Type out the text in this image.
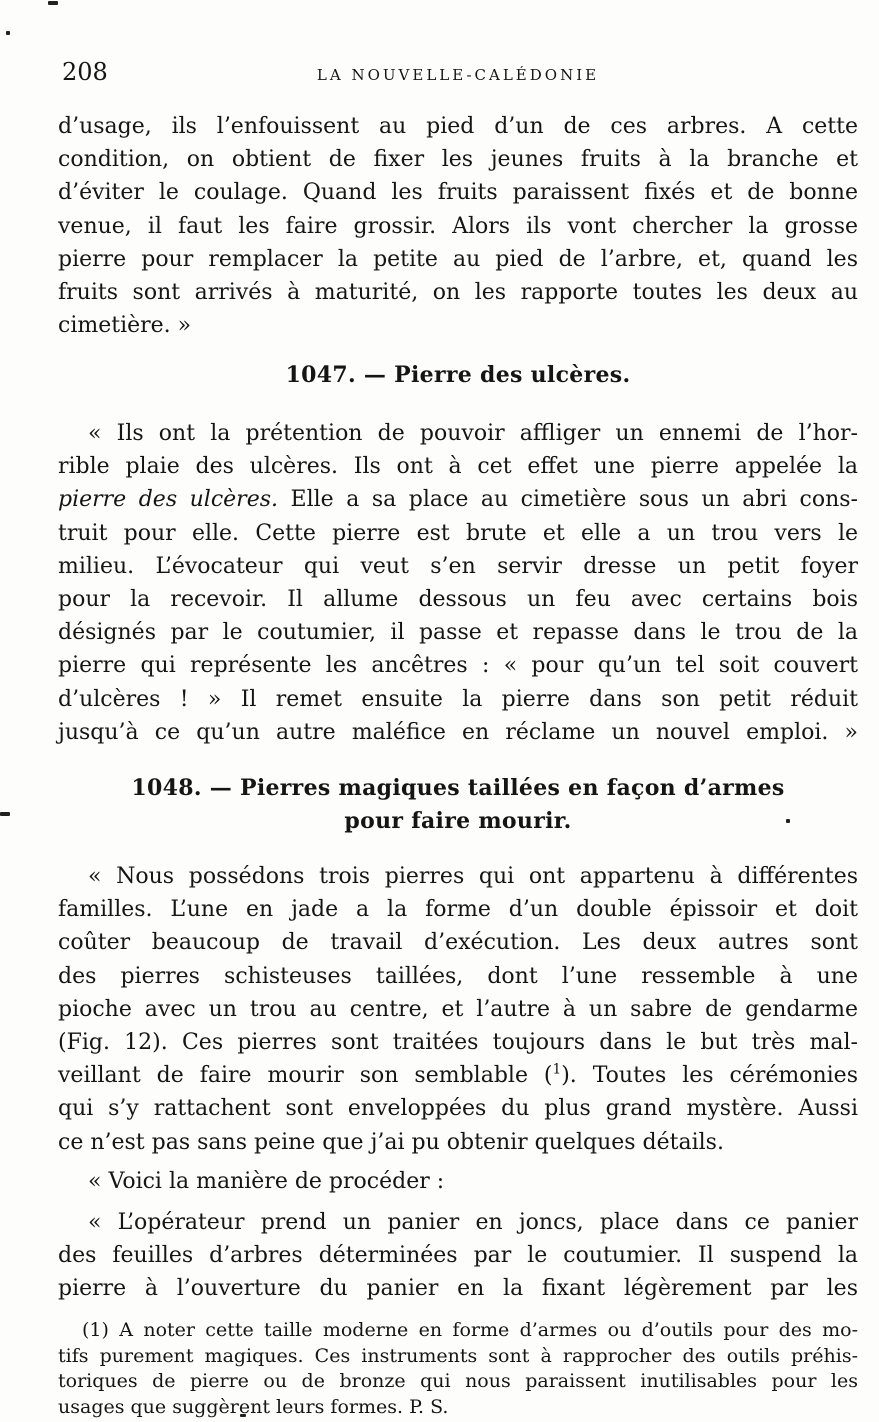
208	LA NOUVELLE-CALÉDONIE
d’usage, ils l’enfouissent au pied d’un de ces arbres. A cette
condition, on obtient de fixer les jeunes fruits à la branche et
d’éviter le coulage. Quand les fruits paraissent fixés et de bonne
venue, il faut les faire grossir. Alors ils vont chercher la grosse
pierre pour remplacer la petite au pied de l’arbre, et, quand les
fruits sont arrivés à maturité, on les rapporte toutes les deux au
cimetière. »
1047. — Pierre des ulcères.
« Ils ont la prétention de pouvoir affliger un ennemi de l’hor-
rible plaie des ulcères. Ils ont à cet effet une pierre appelée la
pierre des ulcères. Elle a sa place au cimetière sous un abri cons-
truit pour elle. Cette pierre est brute et elle a un trou vers le
milieu. L’évocateur qui veut s’en servir dresse un petit foyer
pour la recevoir. Il allume dessous un feu avec certains bois
désignés par le coutumier, il passe et repasse dans le trou de la
pierre qui représente les ancêtres : « pour qu’un tel soit couvert
d’ulcères ! » Il remet ensuite la pierre dans son petit réduit
jusqu’à ce qu’un autre maléfice en réclame un nouvel emploi. »
1048. — Pierres magiques taillées en façon d’armes
pour faire mourir.
« Nous possédons trois pierres qui ont appartenu à différentes
familles. L’une en jade a la forme d’un double épissoir et doit
coûter beaucoup de travail d’exécution. Les deux autres sont
des pierres schisteuses taillées, dont l’une ressemble à une
pioche avec un trou au centre, et l’autre à un sabre de gendarme
(Fig. 12). Ces pierres sont traitées toujours dans le but très mal-
veillant de faire mourir son semblable ($^1$). Toutes les cérémonies
qui s’y rattachent sont enveloppées du plus grand mystère. Aussi
ce n’est pas sans peine que j’ai pu obtenir quelques détails.
« Voici la manière de procéder :
« L’opérateur prend un panier en joncs, place dans ce panier
des feuilles d’arbres déterminées par le coutumier. Il suspend la
pierre à l’ouverture du panier en la fixant légèrement par les
(1) A noter cette taille moderne en forme d’armes ou d’outils pour des mo-
tifs purement magiques. Ces instruments sont à rapprocher des outils préhis-
toriques de pierre ou de bronze qui nous paraissent inutilisables pour les
usages que suggèrent leurs formes. P. S.
